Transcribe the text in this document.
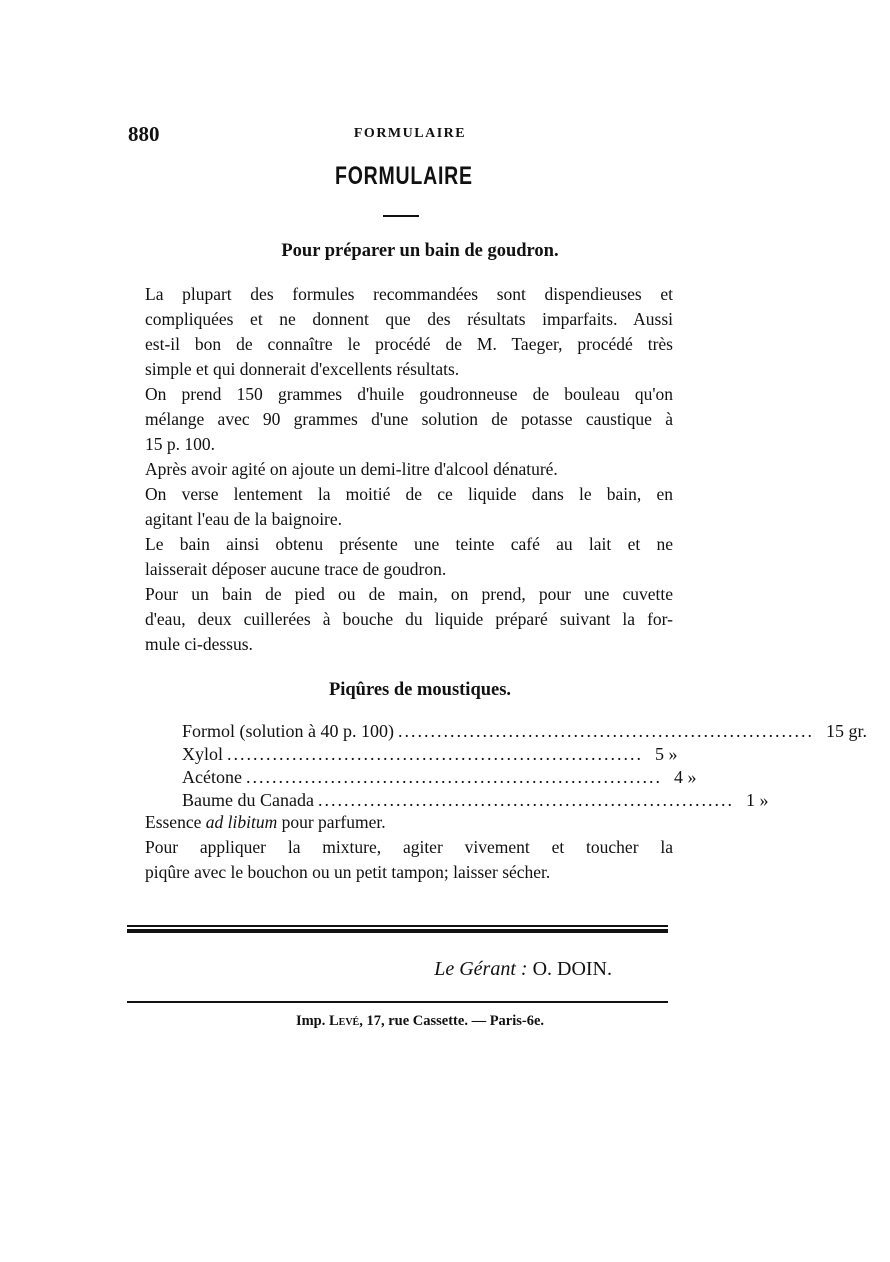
880	FORMULAIRE
FORMULAIRE
Pour préparer un bain de goudron.
La plupart des formules recommandées sont dispendieuses et
compliquées et ne donnent que des résultats imparfaits. Aussi
est-il bon de connaître le procédé de M. Taeger, procédé très
simple et qui donnerait d'excellents résultats.
On prend 150 grammes d'huile goudronneuse de bouleau qu'on
mélange avec 90 grammes d'une solution de potasse caustique à
15 p. 100.
Après avoir agité on ajoute un demi-litre d'alcool dénaturé.
On verse lentement la moitié de ce liquide dans le bain, en
agitant l'eau de la baignoire.
Le bain ainsi obtenu présente une teinte café au lait et ne
laisserait déposer aucune trace de goudron.
Pour un bain de pied ou de main, on prend, pour une cuvette
d'eau, deux cuillerées à bouche du liquide préparé suivant la for-
mule ci-dessus.
Piqûres de moustiques.
Formol (solution à 40 p. 100) ................................................................ 15 gr.
Xylol ................................................................ 5 »
Acétone ................................................................ 4 »
Baume du Canada ................................................................ 1 »
Essence ad libitum pour parfumer.
Pour appliquer la mixture, agiter vivement et toucher la
piqûre avec le bouchon ou un petit tampon; laisser sécher.
Le Gérant : O. DOIN.
Imp. Levé, 17, rue Cassette. — Paris-6e.
